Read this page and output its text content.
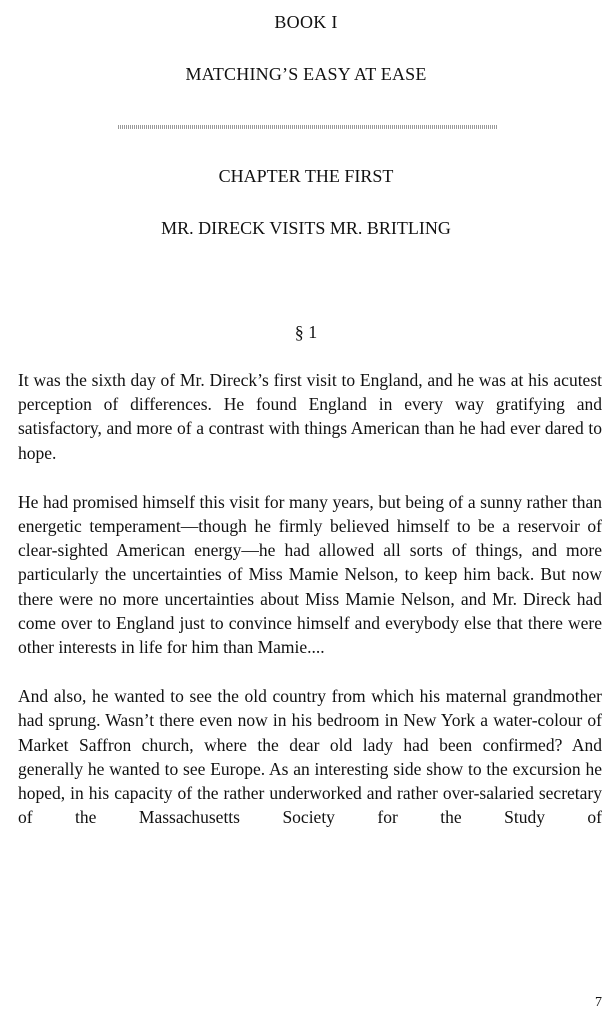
BOOK I
MATCHING’S EASY AT EASE
CHAPTER THE FIRST
MR. DIRECK VISITS MR. BRITLING
§ 1

It was the sixth day of Mr. Direck’s first visit to England, and he was at his acutest perception of differences. He found England in every way gratifying and satisfactory, and more of a contrast with things American than he had ever dared to hope.

He had promised himself this visit for many years, but being of a sunny rather than energetic temperament—though he firmly believed himself to be a reservoir of clear-sighted American energy—he had allowed all sorts of things, and more particularly the uncertainties of Miss Mamie Nelson, to keep him back. But now there were no more uncertainties about Miss Mamie Nelson, and Mr. Direck had come over to England just to convince himself and everybody else that there were other interests in life for him than Mamie....

And also, he wanted to see the old country from which his maternal grandmother had sprung. Wasn’t there even now in his bedroom in New York a water-colour of Market Saffron church, where the dear old lady had been confirmed? And generally he wanted to see Europe. As an interesting side show to the excursion he hoped, in his capacity of the rather underworked and rather over-salaried secretary of the Massachusetts Society for the Study of

7
